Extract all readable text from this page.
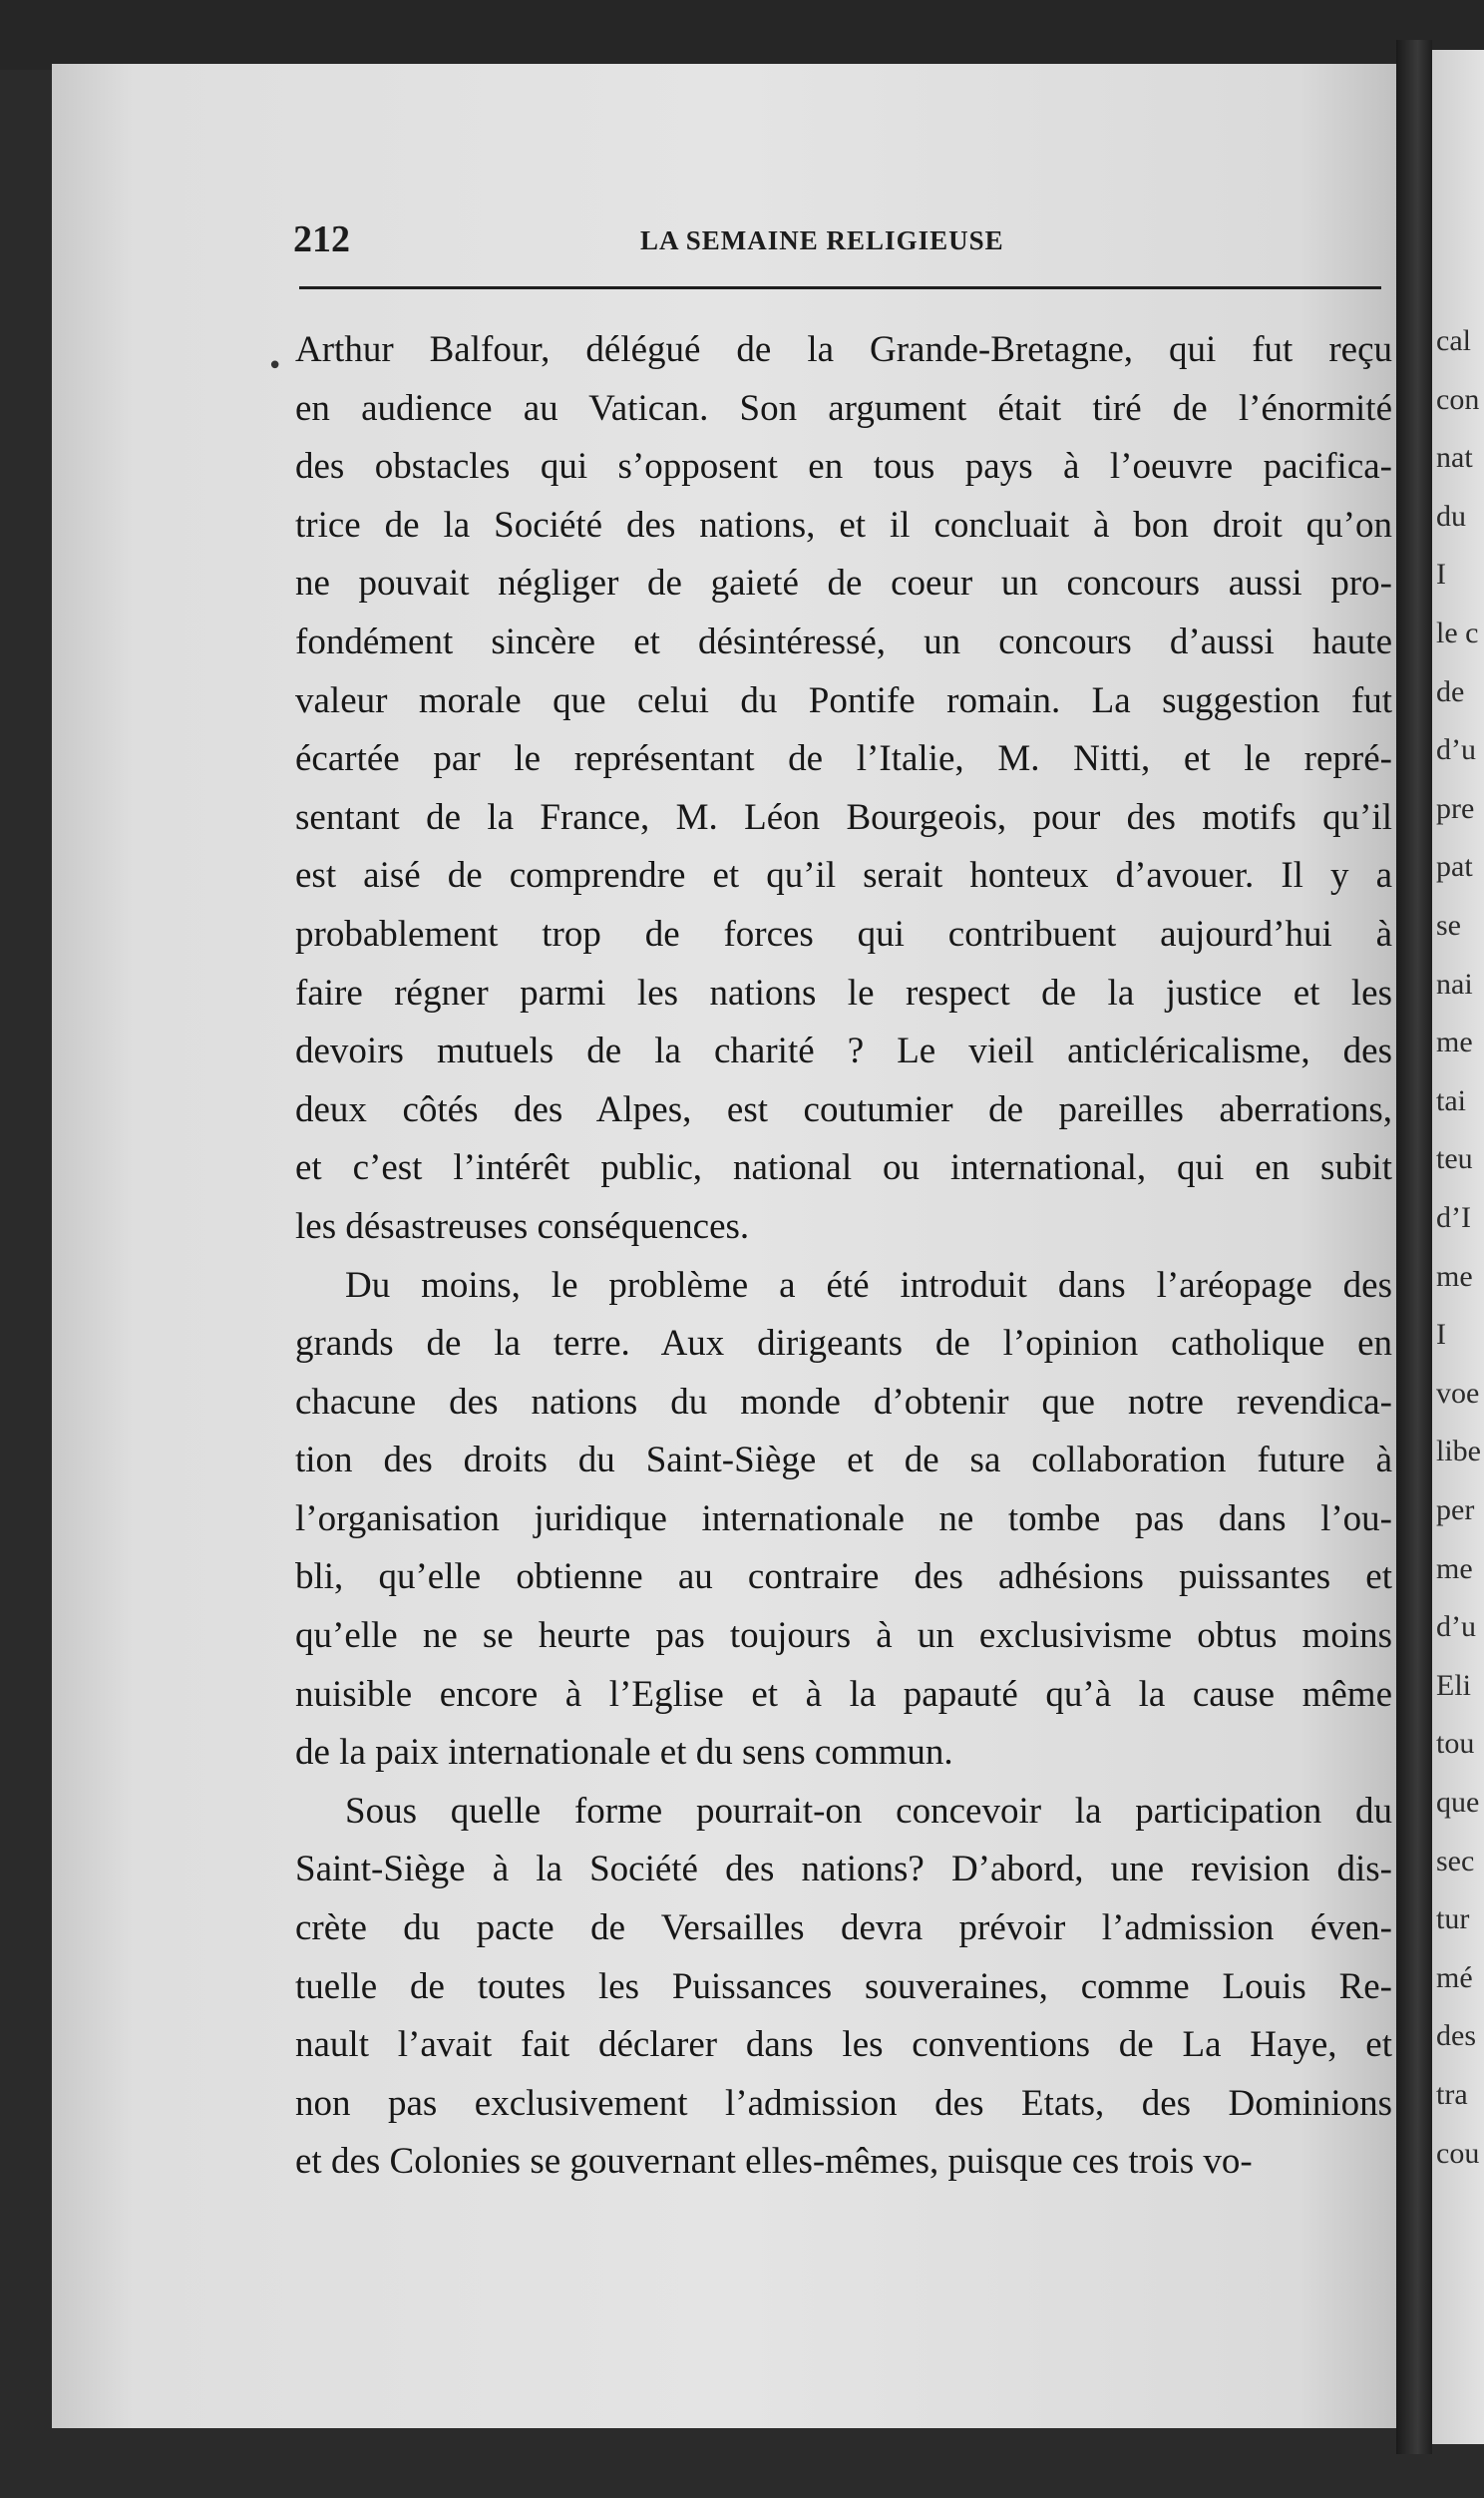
cal
con
nat
du
I
le c
de
d’u
pre
pat
se
nai
me
tai
teu
d’I
me
I
voe
libe
per
me
d’u
Eli
tou
que
sec
tur
mé
des
tra
cou
212	LA SEMAINE RELIGIEUSE
• Arthur Balfour, délégué de la Grande-Bretagne, qui fut reçu
en audience au Vatican. Son argument était tiré de l’énormité
des obstacles qui s’opposent en tous pays à l’oeuvre pacifica-
trice de la Société des nations, et il concluait à bon droit qu’on
ne pouvait négliger de gaieté de coeur un concours aussi pro-
fondément sincère et désintéressé, un concours d’aussi haute
valeur morale que celui du Pontife romain. La suggestion fut
écartée par le représentant de l’Italie, M. Nitti, et le repré-
sentant de la France, M. Léon Bourgeois, pour des motifs qu’il
est aisé de comprendre et qu’il serait honteux d’avouer. Il y a
probablement trop de forces qui contribuent aujourd’hui à
faire régner parmi les nations le respect de la justice et les
devoirs mutuels de la charité ? Le vieil anticléricalisme, des
deux côtés des Alpes, est coutumier de pareilles aberrations,
et c’est l’intérêt public, national ou international, qui en subit
les désastreuses conséquences.
Du moins, le problème a été introduit dans l’aréopage des
grands de la terre. Aux dirigeants de l’opinion catholique en
chacune des nations du monde d’obtenir que notre revendica-
tion des droits du Saint-Siège et de sa collaboration future à
l’organisation juridique internationale ne tombe pas dans l’ou-
bli, qu’elle obtienne au contraire des adhésions puissantes et
qu’elle ne se heurte pas toujours à un exclusivisme obtus moins
nuisible encore à l’Eglise et à la papauté qu’à la cause même
de la paix internationale et du sens commun.
Sous quelle forme pourrait-on concevoir la participation du
Saint-Siège à la Société des nations? D’abord, une revision dis-
crète du pacte de Versailles devra prévoir l’admission éven-
tuelle de toutes les Puissances souveraines, comme Louis Re-
nault l’avait fait déclarer dans les conventions de La Haye, et
non pas exclusivement l’admission des Etats, des Dominions
et des Colonies se gouvernant elles-mêmes, puisque ces trois vo-
